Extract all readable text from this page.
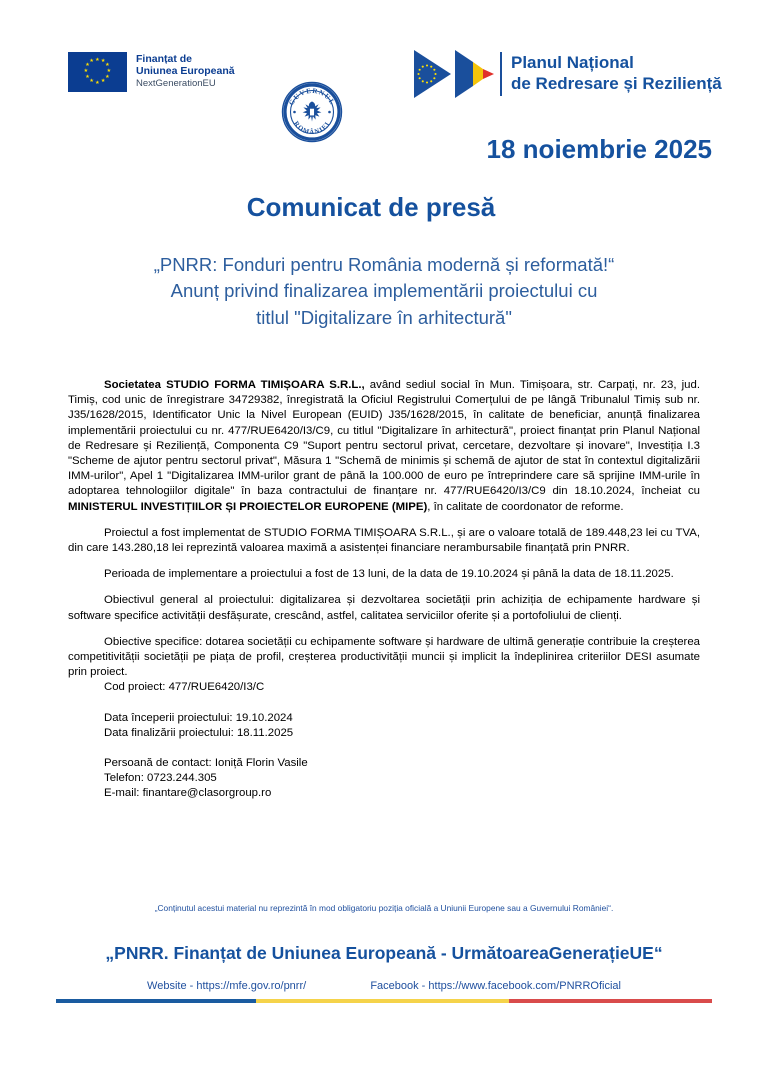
★ ★
★
★
★
★
★
★
★
★
★
★	Finanțat de
Uniunea Europeană
NextGenerationEU
GUVERNUL
ROMÂNIEI
Planul Național
de Redresare și Reziliență
18 noiembrie 2025
Comunicat de presă
„PNRR: Fonduri pentru România modernă și reformată!“
Anunț privind finalizarea implementării proiectului cu
titlul "Digitalizare în arhitectură"

Societatea STUDIO FORMA TIMIȘOARA S.R.L., având sediul social în Mun. Timișoara, str. Carpați, nr. 23, jud. Timiș, cod unic de înregistrare 34729382, înregistrată la Oficiul Registrului Comerțului de pe lângă Tribunalul Timiș sub nr. J35/1628/2015, Identificator Unic la Nivel European (EUID) J35/1628/2015, în calitate de beneficiar, anunță finalizarea implementării proiectului cu nr. 477/RUE6420/I3/C9, cu titlul "Digitalizare în arhitectură", proiect finanțat prin Planul Național de Redresare și Reziliență, Componenta C9 "Suport pentru sectorul privat, cercetare, dezvoltare și inovare", Investiția I.3 "Scheme de ajutor pentru sectorul privat", Măsura 1 "Schemă de minimis și schemă de ajutor de stat în contextul digitalizării IMM-urilor", Apel 1 "Digitalizarea IMM-urilor grant de până la 100.000 de euro pe întreprindere care să sprijine IMM-urile în adoptarea tehnologiilor digitale" în baza contractului de finanțare nr. 477/RUE6420/I3/C9 din 18.10.2024, încheiat cu MINISTERUL INVESTIȚIILOR ȘI PROIECTELOR EUROPENE (MIPE), în calitate de coordonator de reforme.

Proiectul a fost implementat de STUDIO FORMA TIMIȘOARA S.R.L., și are o valoare totală de 189.448,23 lei cu TVA, din care 143.280,18 lei reprezintă valoarea maximă a asistenței financiare nerambursabile finanțată prin PNRR.

Perioada de implementare a proiectului a fost de 13 luni, de la data de 19.10.2024 și până la data de 18.11.2025.

Obiectivul general al proiectului: digitalizarea și dezvoltarea societății prin achiziția de echipamente hardware și software specifice activității desfășurate, crescând, astfel, calitatea serviciilor oferite și a portofoliului de clienți.

Obiective specifice: dotarea societății cu echipamente software și hardware de ultimă generație contribuie la creșterea competitivității societății pe piața de profil, creșterea productivității muncii și implicit la îndeplinirea criteriilor DESI asumate prin proiect.

Cod proiect: 477/RUE6420/I3/C
Data începerii proiectului: 19.10.2024
Data finalizării proiectului: 18.11.2025
Persoană de contact: Ioniță Florin Vasile
Telefon: 0723.244.305
E-mail: finantare@clasorgroup.ro
„Conținutul acestui material nu reprezintă în mod obligatoriu poziția oficială a Uniunii Europene sau a Guvernului României“.
„PNRR. Finanțat de Uniunea Europeană - UrmătoareaGenerațieUE“
Website - https://mfe.gov.ro/pnrr/	Facebook - https://www.facebook.com/PNRROficial
